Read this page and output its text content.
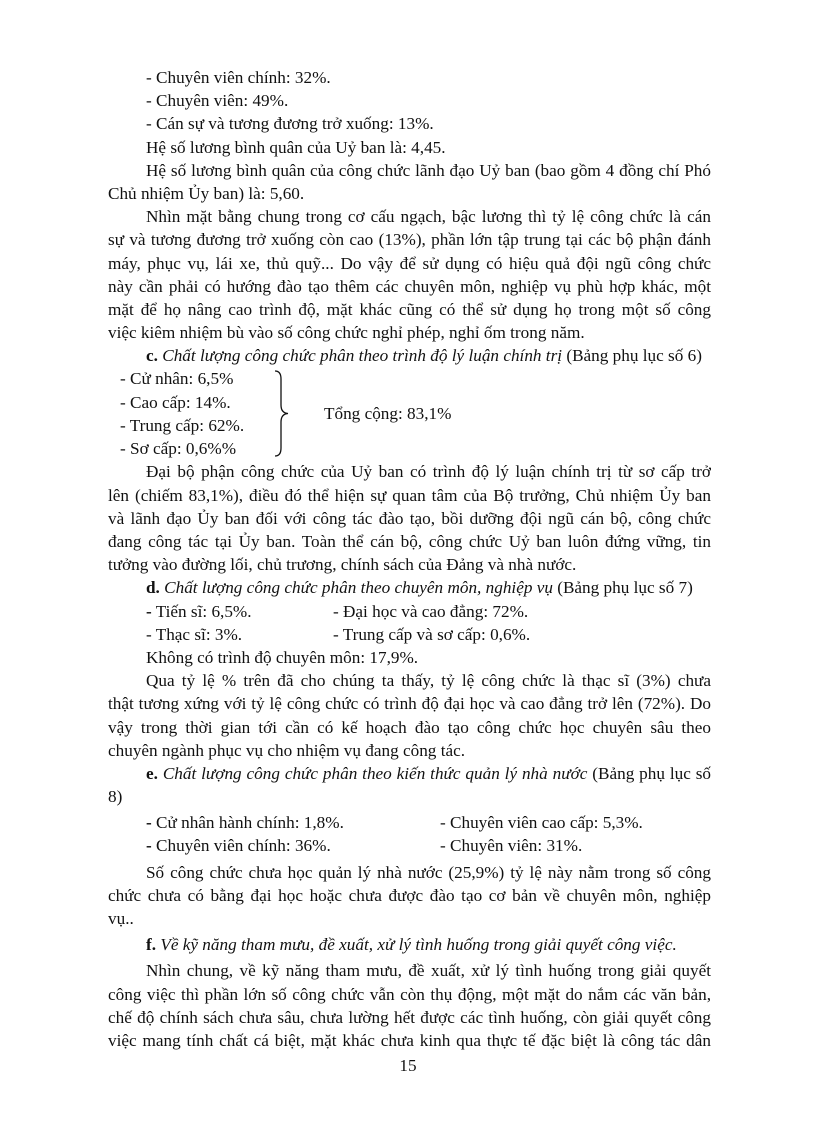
- Chuyên viên chính: 32%.
- Chuyên viên: 49%.
- Cán sự và tương đương trở xuống: 13%.
Hệ số lương bình quân của Uỷ ban là: 4,45.
Hệ số lương bình quân của công chức lãnh đạo Uỷ ban (bao gồm 4 đồng chí Phó
Chủ nhiệm Ủy ban) là: 5,60.
Nhìn mặt bằng chung trong cơ cấu ngạch, bậc lương thì tỷ lệ công chức là cán
sự và tương đương trở xuống còn cao (13%), phần lớn tập trung tại các bộ phận đánh
máy, phục vụ, lái xe, thủ quỹ... Do vậy để sử dụng có hiệu quả đội ngũ công chức
này cần phải có hướng đào tạo thêm các chuyên môn, nghiệp vụ phù hợp khác, một
mặt để họ nâng cao trình độ, mặt khác cũng có thể sử dụng họ trong một số công
việc kiêm nhiệm bù vào số công chức nghỉ phép, nghỉ ốm trong năm.
c. Chất lượng công chức phân theo trình độ lý luận chính trị (Bảng phụ lục số 6)
- Cử nhân: 6,5%
- Cao cấp: 14%.
- Trung cấp: 62%.
- Sơ cấp: 0,6%%
Tổng cộng: 83,1%
Đại bộ phận công chức của Uỷ ban có trình độ lý luận chính trị từ sơ cấp trở
lên (chiếm 83,1%), điều đó thể hiện sự quan tâm của Bộ trưởng, Chủ nhiệm Ủy ban
và lãnh đạo Ủy ban đối với công tác đào tạo, bồi dưỡng đội ngũ cán bộ, công chức
đang công tác tại Ủy ban. Toàn thể cán bộ, công chức Uỷ ban luôn đứng vững, tin
tưởng vào đường lối, chủ trương, chính sách của Đảng và nhà nước.
d. Chất lượng công chức phân theo chuyên môn, nghiệp vụ (Bảng phụ lục số 7)
- Tiến sĩ: 6,5%.	- Đại học và cao đẳng: 72%.
- Thạc sĩ: 3%.	- Trung cấp và sơ cấp: 0,6%.
Không có trình độ chuyên môn: 17,9%.
Qua tỷ lệ % trên đã cho chúng ta thấy, tỷ lệ công chức là thạc sĩ (3%) chưa
thật tương xứng với tỷ lệ công chức có trình độ đại học và cao đẳng trở lên (72%). Do
vậy trong thời gian tới cần có kế hoạch đào tạo công chức học chuyên sâu theo
chuyên ngành phục vụ cho nhiệm vụ đang công tác.
e. Chất lượng công chức phân theo kiến thức quản lý nhà nước (Bảng phụ lục số
8)
- Cử nhân hành chính: 1,8%.	- Chuyên viên cao cấp: 5,3%.
- Chuyên viên chính: 36%.	- Chuyên viên: 31%.
Số công chức chưa học quản lý nhà nước (25,9%) tỷ lệ này nằm trong số công
chức chưa có bằng đại học hoặc chưa được đào tạo cơ bản về chuyên môn, nghiệp
vụ..
f. Về kỹ năng tham mưu, đề xuất, xử lý tình huống trong giải quyết công việc.
Nhìn chung, về kỹ năng tham mưu, đề xuất, xử lý tình huống trong giải quyết
công việc thì phần lớn số công chức vẫn còn thụ động, một mặt do nắm các văn bản,
chế độ chính sách chưa sâu, chưa lường hết được các tình huống, còn giải quyết công
việc mang tính chất cá biệt, mặt khác chưa kinh qua thực tế đặc biệt là công tác dân
15
